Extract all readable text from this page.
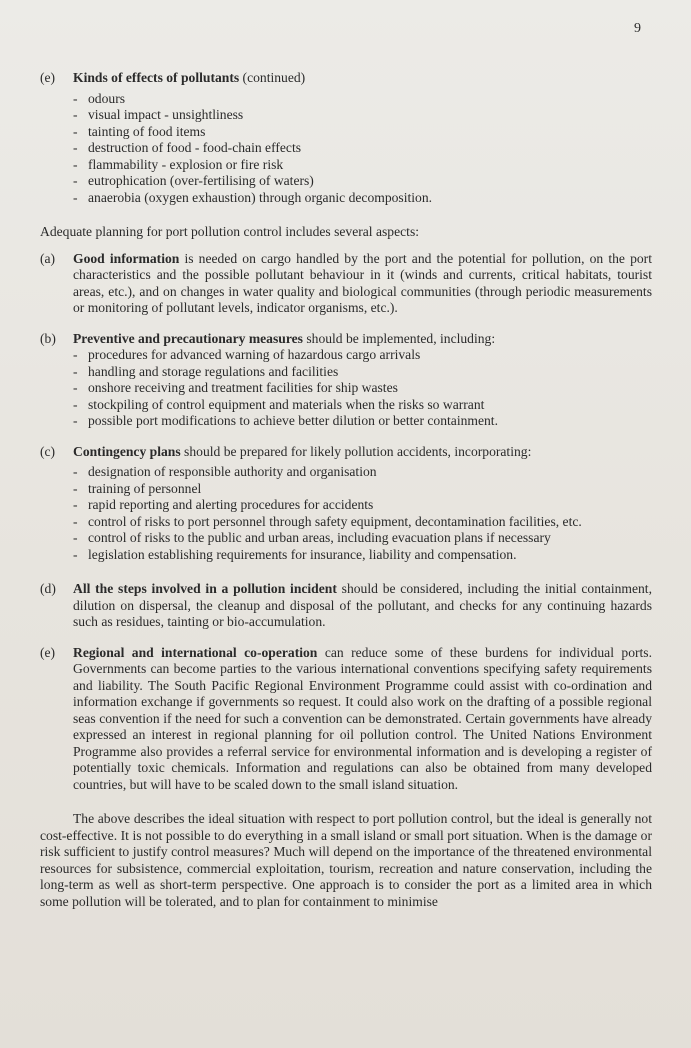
9
(e)	Kinds of effects of pollutants (continued)
- odours
- visual impact - unsightliness
- tainting of food items
- destruction of food - food-chain effects
- flammability - explosion or fire risk
- eutrophication (over-fertilising of waters)
- anaerobia (oxygen exhaustion) through organic decomposition.

Adequate planning for port pollution control includes several aspects:

(a)	Good information is needed on cargo handled by the port and the potential for pollution, on the port characteristics and the possible pollutant behaviour in it (winds and currents, critical habitats, tourist areas, etc.), and on changes in water quality and biological communities (through periodic measurements or monitoring of pollutant levels, indicator organisms, etc.).
(b)	Preventive and precautionary measures should be implemented, including:
- procedures for advanced warning of hazardous cargo arrivals
- handling and storage regulations and facilities
- onshore receiving and treatment facilities for ship wastes
- stockpiling of control equipment and materials when the risks so warrant
- possible port modifications to achieve better dilution or better containment.
(c)	Contingency plans should be prepared for likely pollution accidents, incorporating:
- designation of responsible authority and organisation
- training of personnel
- rapid reporting and alerting procedures for accidents
- control of risks to port personnel through safety equipment, decontamination facilities, etc.
- control of risks to the public and urban areas, including evacuation plans if necessary
- legislation establishing requirements for insurance, liability and compensation.
(d)	All the steps involved in a pollution incident should be considered, including the initial containment, dilution on dispersal, the cleanup and disposal of the pollutant, and checks for any continuing hazards such as residues, tainting or bio-accumulation.
(e)	Regional and international co-operation can reduce some of these burdens for individual ports. Governments can become parties to the various international conventions specifying safety requirements and liability. The South Pacific Regional Environment Programme could assist with co-ordination and information exchange if governments so request. It could also work on the drafting of a possible regional seas convention if the need for such a convention can be demonstrated. Certain governments have already expressed an interest in regional planning for oil pollution control. The United Nations Environment Programme also provides a referral service for environmental information and is developing a register of potentially toxic chemicals. Information and regulations can also be obtained from many developed countries, but will have to be scaled down to the small island situation.

The above describes the ideal situation with respect to port pollution control, but the ideal is generally not cost-effective. It is not possible to do everything in a small island or small port situation. When is the damage or risk sufficient to justify control measures? Much will depend on the importance of the threatened environmental resources for subsistence, commercial exploitation, tourism, recreation and nature conservation, including the long-term as well as short-term perspective. One approach is to consider the port as a limited area in which some pollution will be tolerated, and to plan for containment to minimise
